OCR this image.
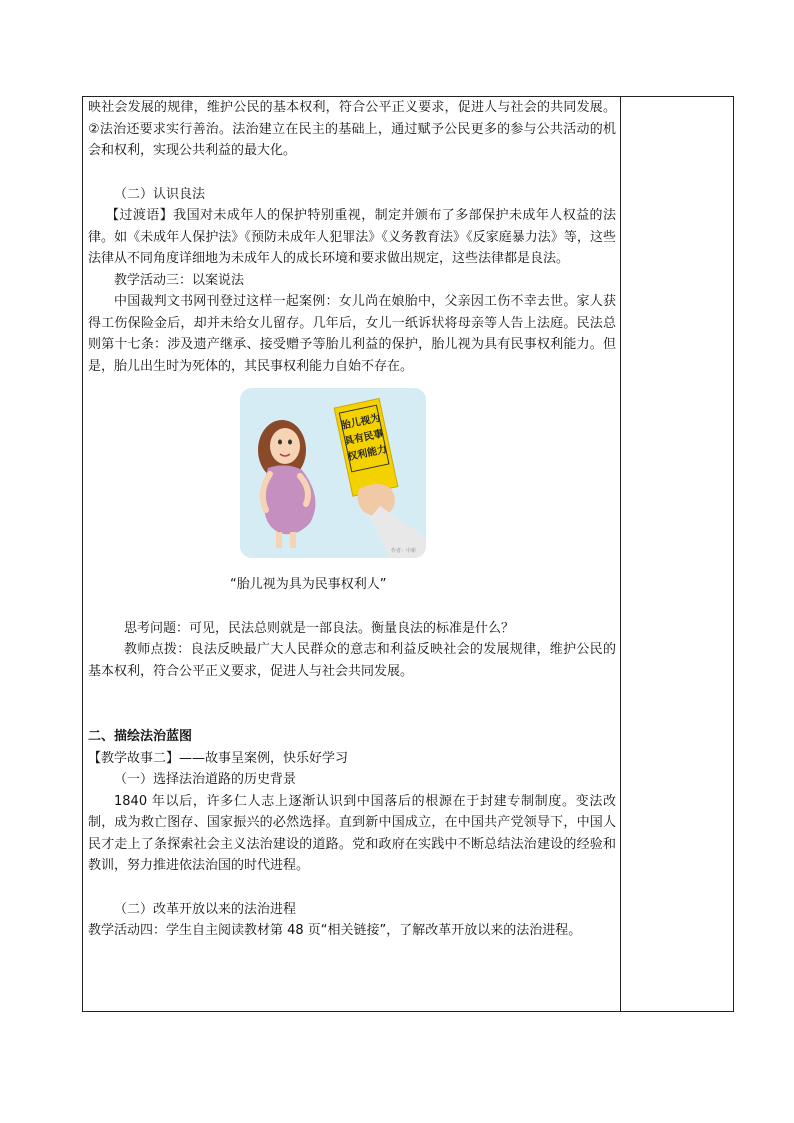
映社会发展的规律，维护公民的基本权利，符合公平正义要求，促进人与社会的共同发展。②法治还要求实行善治。法治建立在民主的基础上，通过赋予公民更多的参与公共活动的机会和权利，实现公共利益的最大化。

（二）认识良法

【过渡语】我国对未成年人的保护特别重视，制定并颁布了多部保护未成年人权益的法律。如《未成年人保护法》《预防未成年人犯罪法》《义务教育法》《反家庭暴力法》等，这些法律从不同角度详细地为未成年人的成长环境和要求做出规定，这些法律都是良法。

教学活动三：以案说法

中国裁判文书网刊登过这样一起案例：女儿尚在娘胎中，父亲因工伤不幸去世。家人获得工伤保险金后，却并未给女儿留存。几年后，女儿一纸诉状将母亲等人告上法庭。民法总则第十七条：涉及遗产继承、接受赠予等胎儿利益的保护，胎儿视为具有民事权利能力。但是，胎儿出生时为死体的，其民事权利能力自始不存在。

胎儿视为
具有民事
权利能力
作者：中新

“胎儿视为具为民事权利人”

思考问题：可见，民法总则就是一部良法。衡量良法的标准是什么？

教师点拨：良法反映最广大人民群众的意志和利益反映社会的发展规律，维护公民的基本权利，符合公平正义要求，促进人与社会共同发展。

二、描绘法治蓝图

【教学故事二】——故事呈案例，快乐好学习

（一）选择法治道路的历史背景

1840 年以后，许多仁人志上逐渐认识到中国落后的根源在于封建专制制度。变法改制，成为救亡图存、国家振兴的必然选择。直到新中国成立，在中国共产党领导下，中国人民才走上了条探索社会主义法治建设的道路。党和政府在实践中不断总结法治建设的经验和教训，努力推进依法治国的时代进程。

（二）改革开放以来的法治进程

教学活动四：学生自主阅读教材第 48 页“相关链接”，了解改革开放以来的法治进程。
